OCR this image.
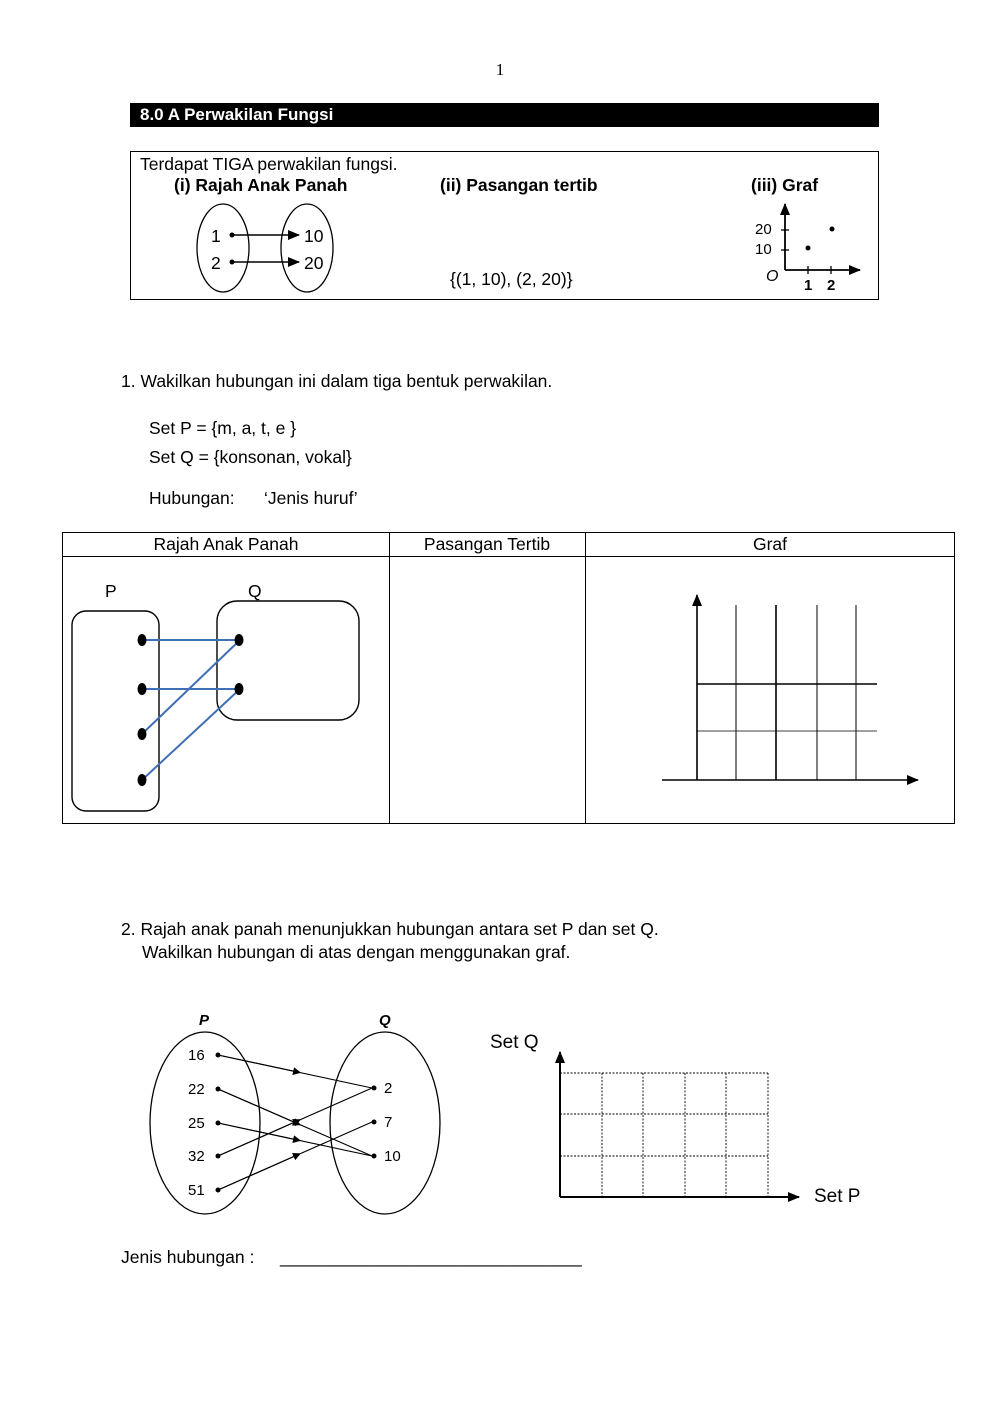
1
8.0 A Perwakilan Fungsi
Terdapat TIGA perwakilan fungsi.
(i) Rajah Anak Panah	(ii) Pasangan tertib	(iii) Graf
1
2
10
20
{(1, 10), (2, 20)}
20
10
O
1 2
1. Wakilkan hubungan ini dalam tiga bentuk perwakilan.
Set P = {m, a, t, e }
Set Q = {konsonan, vokal}
Hubungan: ‘Jenis huruf’
Rajah Anak Panah	Pasangan Tertib	Graf
P	Q
2. Rajah anak panah menunjukkan hubungan antara set P dan set Q.
Wakilkan hubungan di atas dengan menggunakan graf.
P	Q
16
22
25
32
51
2
7
10
Set Q
Set P
Jenis hubungan : _______________________________
